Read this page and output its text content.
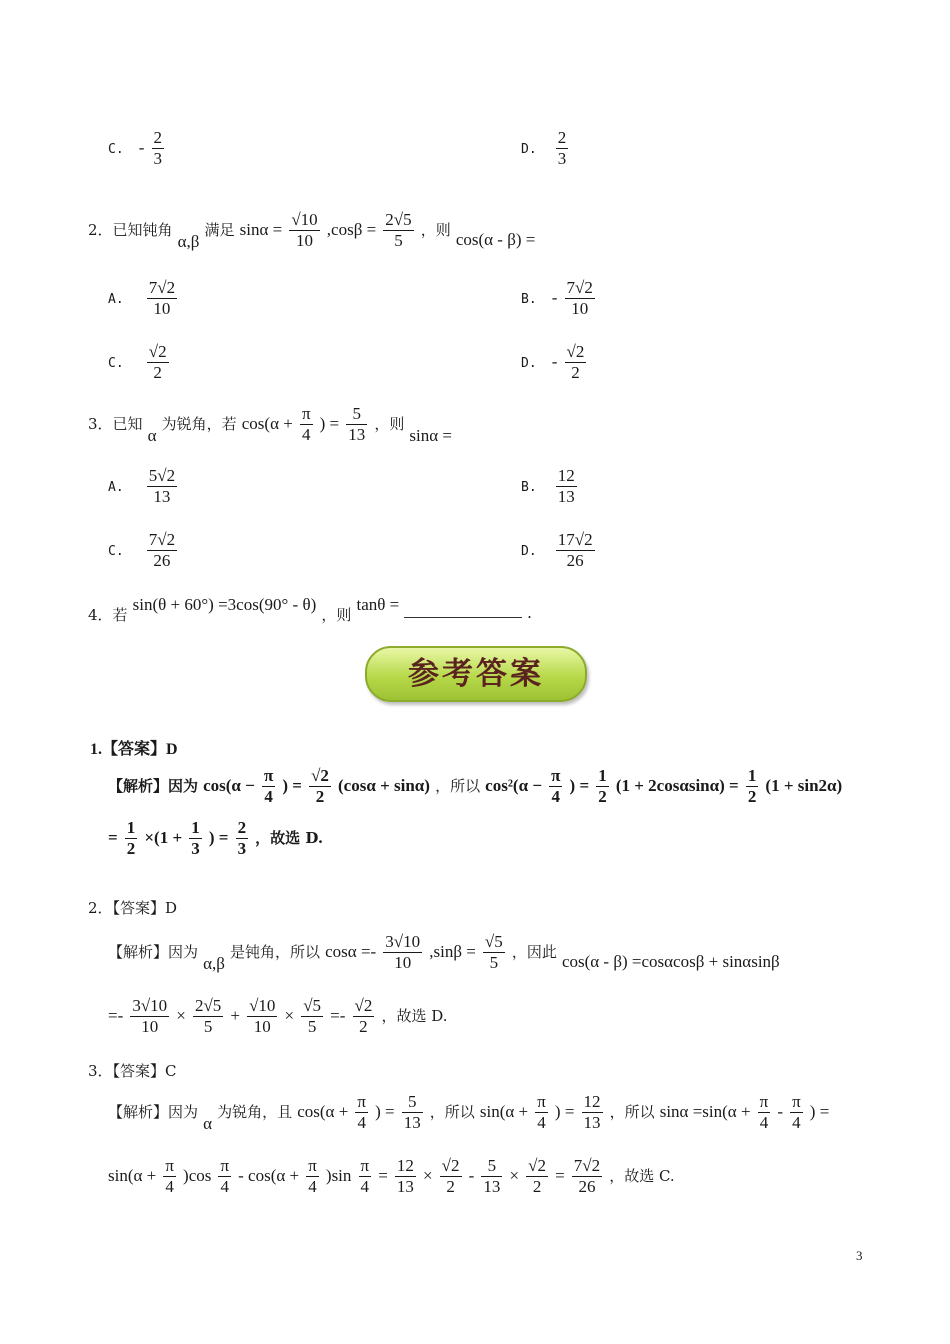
C. - $\frac{2}{3}$	D. $\frac{2}{3}$
2．已知钝角 α,β 满足 $\sin\alpha = \frac{√10}{10} ,\cos\beta = \frac{2√5}{5}$ ，则 cos(α - β) =
A. $\frac{7√2}{10}$	B. - $\frac{7√2}{10}$
C. $\frac{√2}{2}$	D. - $\frac{√2}{2}$
3．已知 α 为锐角，若 $\cos(\alpha + \frac{\pi}{4}$ ) = $\frac{5}{13}$ ，则 sinα =
A. $\frac{5√2}{13}$	B. $\frac{12}{13}$
C. $\frac{7√2}{26}$	D. $\frac{17√2}{26}$
4．若 sin(θ + 60°) =3cos(90° - θ) ，则 tanθ =	.
参考答案
1.【答案】D
【解析】因为 $\cos(\alpha - \frac{\pi}{4}$ ) = $\frac{√2}{2} (\cos\alpha + \sin\alpha)$ ，所以 $\cos^2(\alpha - \frac{\pi}{4}$ ) = $\frac{1}{2} (1 + 2\cos\alpha\sin\alpha) = \frac{1}{2} (1 + \sin 2\alpha)$
= $\frac{1}{2} \times(1 + \frac{1}{3}$ ) = $\frac{2}{3}$ ，故选 D.
2．【答案】D
【解析】因为 α,β 是钝角，所以 $\cos\alpha =- \frac{3√10}{10} ,\sin\beta = \frac{√5}{5}$ ，因此 cos(α - β) =cosαcosβ + sinαsinβ
=- $\frac{3√10}{10} \times \frac{2√5}{5} + \frac{√10}{10} \times \frac{√5}{5} =- \frac{√2}{2}$ ，故选 D.
3．【答案】C
【解析】因为 α 为锐角，且 $\cos(\alpha + \frac{\pi}{4}$ ) = $\frac{5}{13}$ ，所以 $\sin(\alpha + \frac{\pi}{4}$ ) = $\frac{12}{13}$ ，所以 $\sin\alpha =\sin(\alpha + \frac{\pi}{4} - \frac{\pi}{4}$ ) =
$\sin(\alpha + \frac{\pi}{4} )\cos \frac{\pi}{4} - \cos(\alpha + \frac{\pi}{4} )\sin \frac{\pi}{4} = \frac{12}{13} \times \frac{√2}{2} - \frac{5}{13} \times \frac{√2}{2} = \frac{7√2}{26}$ ，故选 C.
3
